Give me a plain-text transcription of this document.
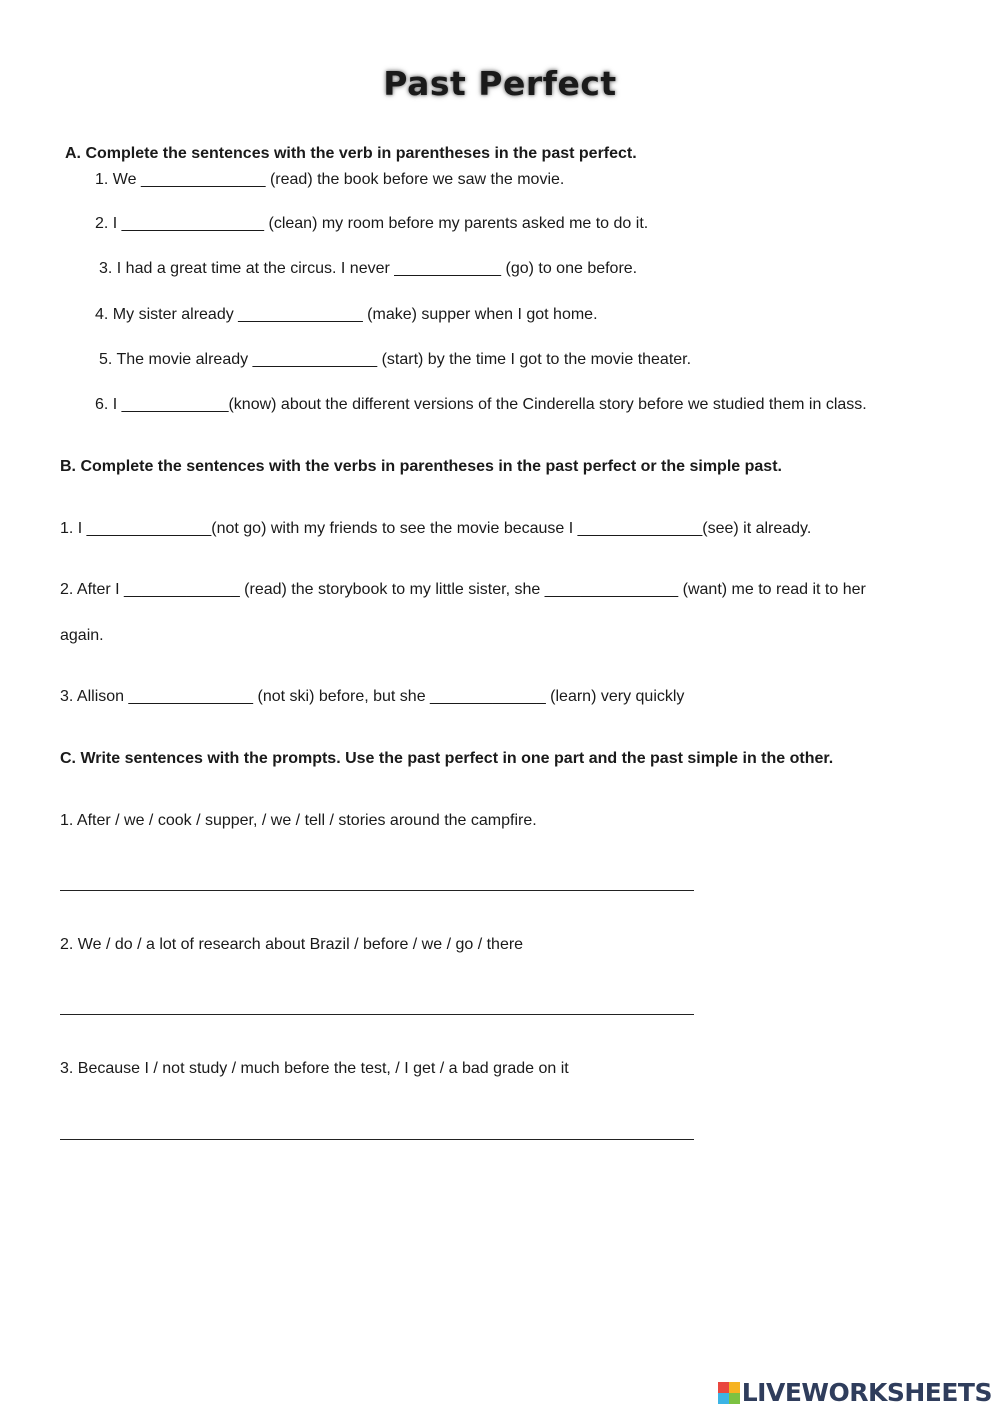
Past Perfect
A. Complete the sentences with the verb in parentheses in the past perfect.
1. We ______________ (read) the book before we saw the movie.
2. I ________________ (clean) my room before my parents asked me to do it.
3. I had a great time at the circus. I never ____________ (go) to one before.
4. My sister already ______________ (make) supper when I got home.
5. The movie already ______________ (start) by the time I got to the movie theater.
6. I ____________(know) about the different versions of the Cinderella story before we studied them in class.
B. Complete the sentences with the verbs in parentheses in the past perfect or the simple past.
1. I ______________(not go) with my friends to see the movie because I ______________(see) it already.
2. After I _____________ (read) the storybook to my little sister, she _______________ (want) me to read it to her
again.
3. Allison ______________ (not ski) before, but she _____________ (learn) very quickly
C. Write sentences with the prompts. Use the past perfect in one part and the past simple in the other.
1. After / we / cook / supper, / we / tell / stories around the campfire.
2. We / do / a lot of research about Brazil / before / we / go / there
3. Because I / not study / much before the test, / I get / a bad grade on it
LIVEWORKSHEETS
